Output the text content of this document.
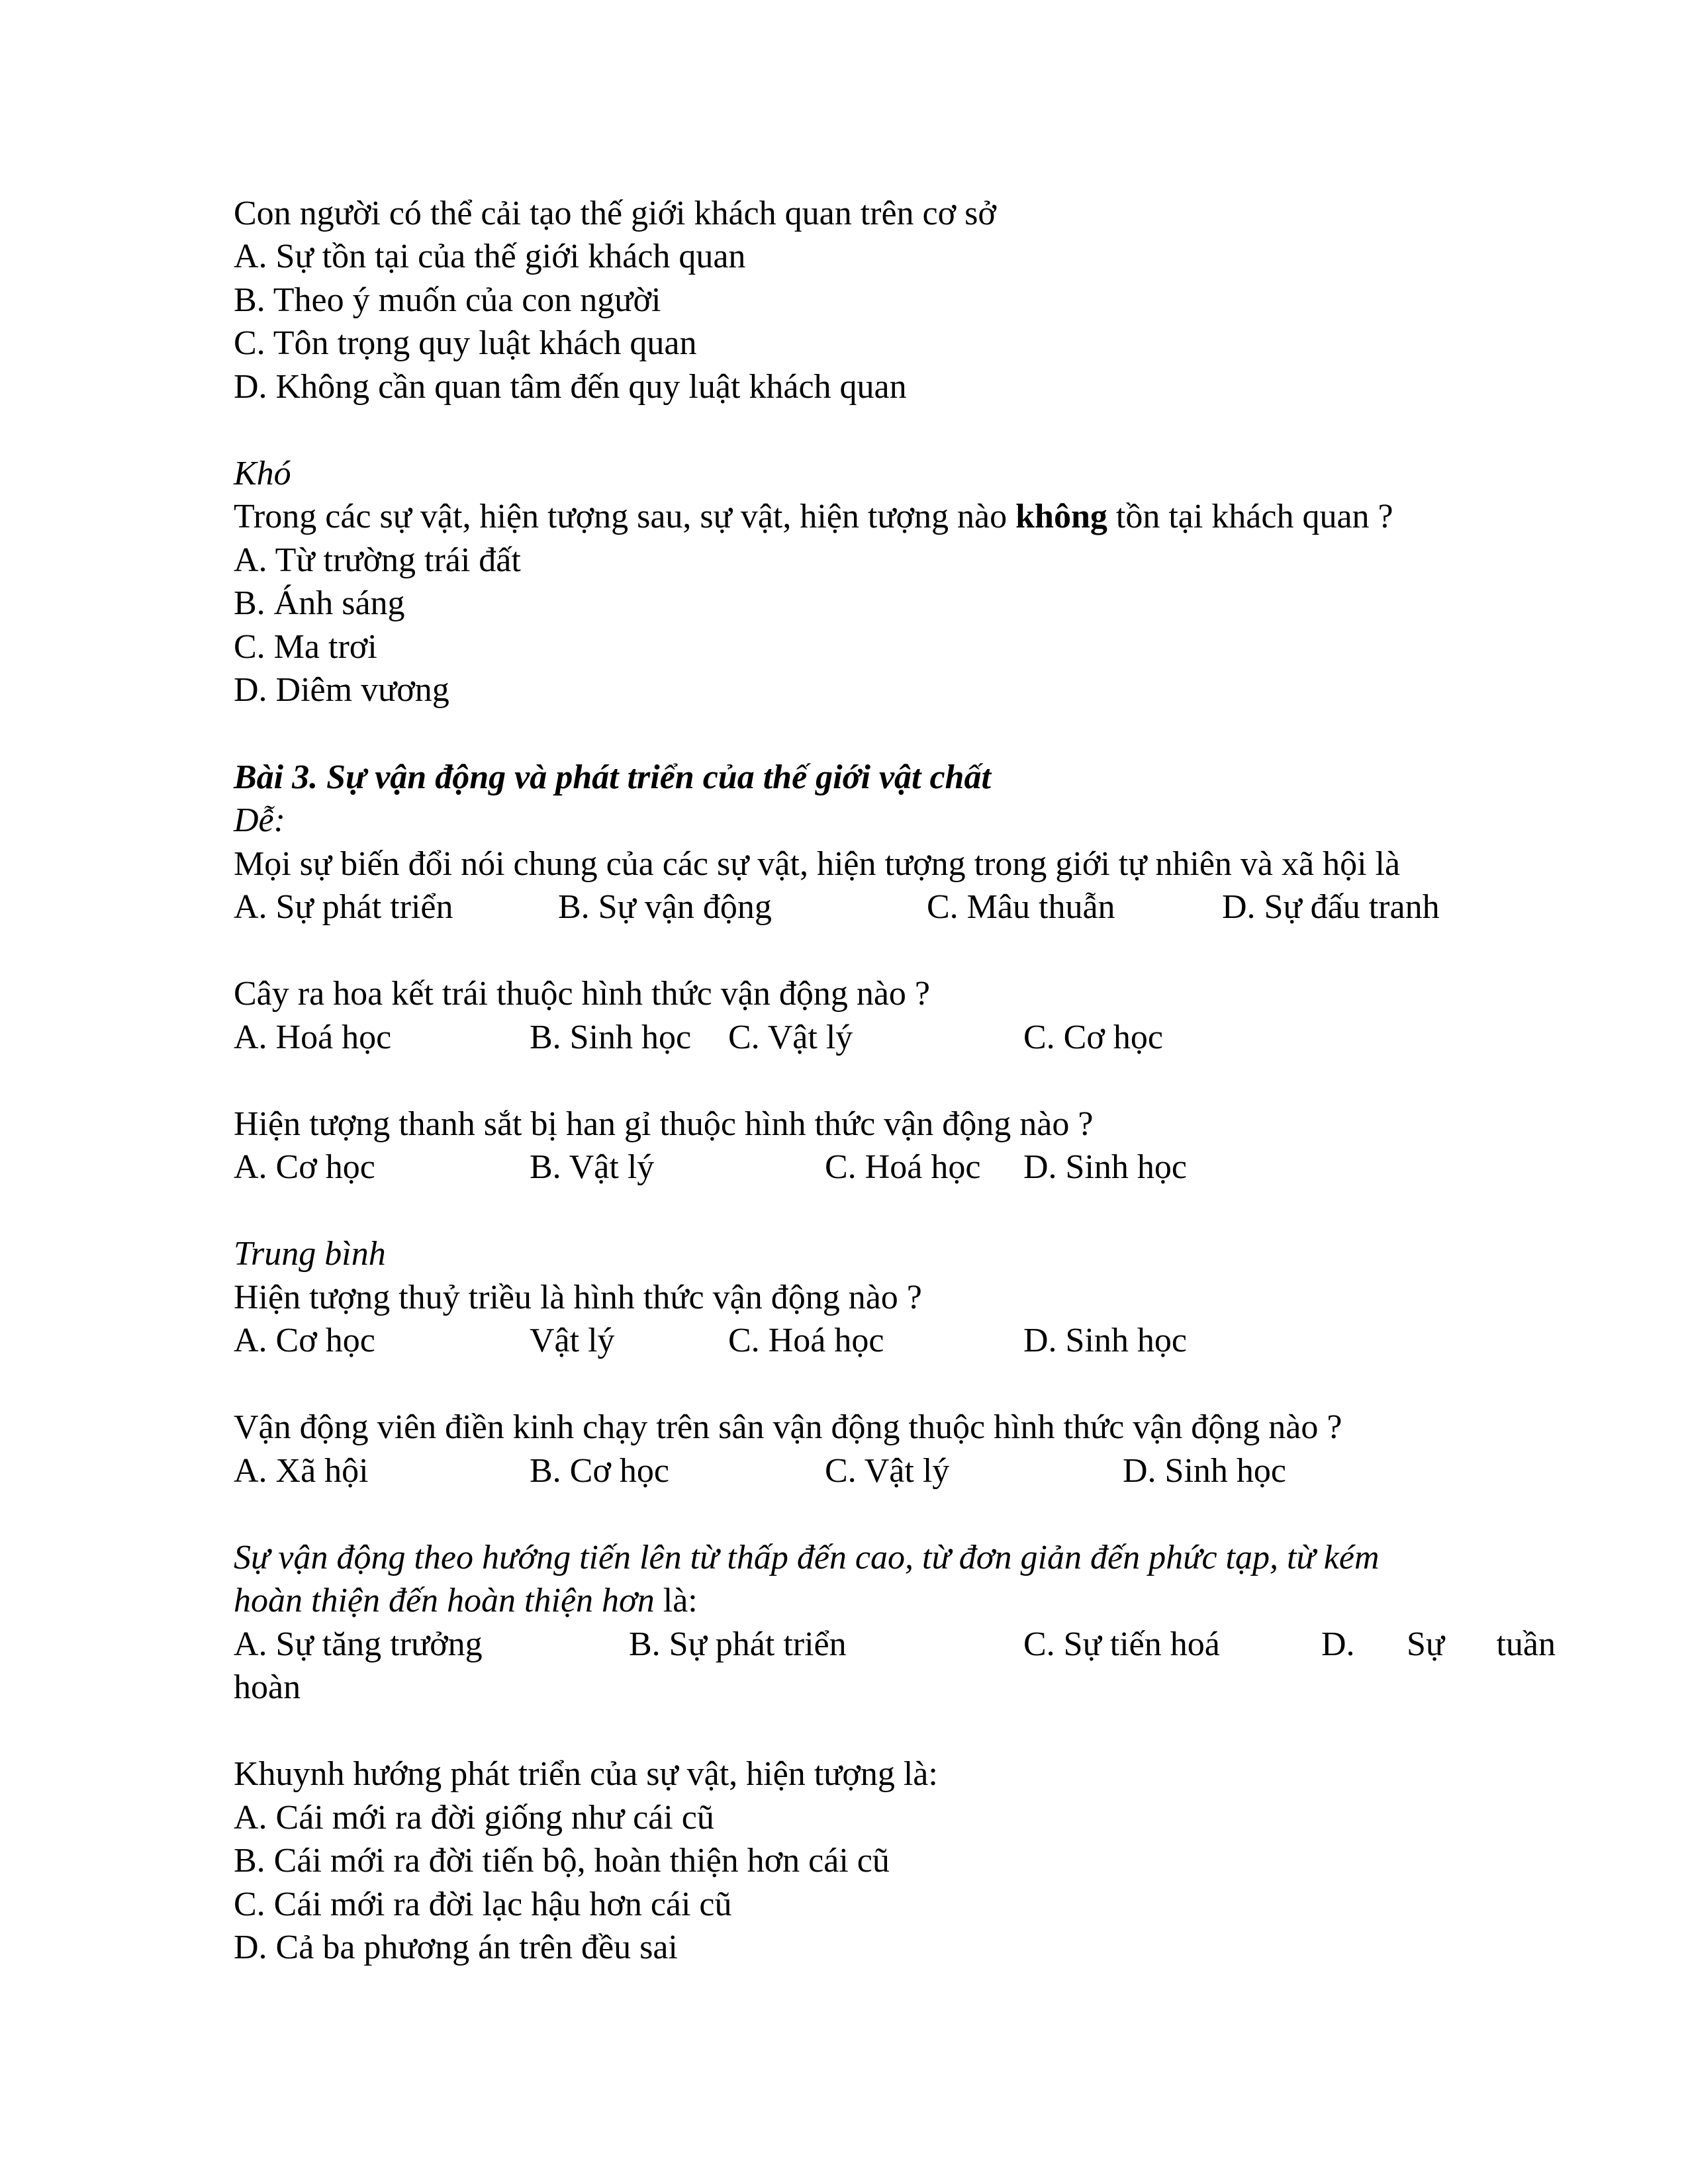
Con người có thể cải tạo thế giới khách quan trên cơ sở

A. Sự tồn tại của thế giới khách quan

B. Theo ý muốn của con người

C. Tôn trọng quy luật khách quan

D. Không cần quan tâm đến quy luật khách quan

Khó

Trong các sự vật, hiện tượng sau, sự vật, hiện tượng nào không tồn tại khách quan ?

A. Từ trường trái đất

B. Ánh sáng

C. Ma trơi

D. Diêm vương

Bài 3. Sự vận động và phát triển của thế giới vật chất

Dễ:

Mọi sự biến đổi nói chung của các sự vật, hiện tượng trong giới tự nhiên và xã hội là

A. Sự phát triển

	B. Sự vận động

	C. Mâu thuẫn

	D. Sự đấu tranh

Cây ra hoa kết trái thuộc hình thức vận động nào ?

A. Hoá học

	B. Sinh học

C. Vật lý

	C. Cơ học

Hiện tượng thanh sắt bị han gỉ thuộc hình thức vận động nào ?

A. Cơ học

	B. Vật lý

	C. Hoá học

D. Sinh học

Trung bình

Hiện tượng thuỷ triều là hình thức vận động nào ?

A. Cơ học

	Vật lý

	C. Hoá học

	D. Sinh học

Vận động viên điền kinh chạy trên sân vận động thuộc hình thức vận động nào ?

A. Xã hội

	B. Cơ học

	C. Vật lý

	D. Sinh học

Sự vận động theo hướng tiến lên từ thấp đến cao, từ đơn giản đến phức tạp, từ kém

hoàn thiện đến hoàn thiện hơn là:

A. Sự tăng trưởng

	B. Sự phát triển

	C. Sự tiến hoá

	D. Sự tuần

hoàn

Khuynh hướng phát triển của sự vật, hiện tượng là:

A. Cái mới ra đời giống như cái cũ

B. Cái mới ra đời tiến bộ, hoàn thiện hơn cái cũ

C. Cái mới ra đời lạc hậu hơn cái cũ

D. Cả ba phương án trên đều sai
